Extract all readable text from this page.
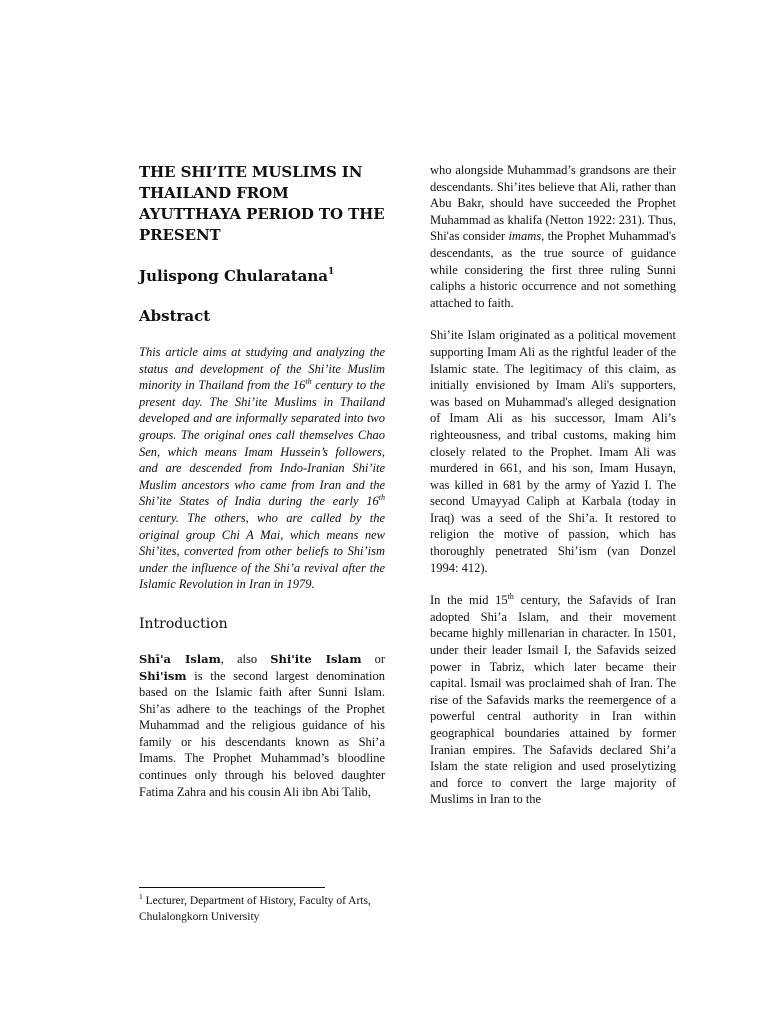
THE SHI’ITE MUSLIMS IN THAILAND FROM AYUTTHAYA PERIOD TO THE PRESENT
Julispong Chularatana$^1$
Abstract

This article aims at studying and analyzing the status and development of the Shi’ite Muslim minority in Thailand from the 16th century to the present day. The Shi’ite Muslims in Thailand developed and are informally separated into two groups. The original ones call themselves Chao Sen, which means Imam Hussein’s followers, and are descended from Indo-Iranian Shi’ite Muslim ancestors who came from Iran and the Shi’ite States of India during the early 16th century. The others, who are called by the original group Chi A Mai, which means new Shi’ites, converted from other beliefs to Shi’ism under the influence of the Shi’a revival after the Islamic Revolution in Iran in 1979.

Introduction

Shī'a Islam, also Shi'ite Islam or Shi'ism is the second largest denomination based on the Islamic faith after Sunni Islam. Shi’as adhere to the teachings of the Prophet Muhammad and the religious guidance of his family or his descendants known as Shi’a Imams. The Prophet Muhammad’s bloodline continues only through his beloved daughter Fatima Zahra and his cousin Ali ibn Abi Talib,

who alongside Muhammad’s grandsons are their descendants. Shi’ites believe that Ali, rather than Abu Bakr, should have succeeded the Prophet Muhammad as khalifa (Netton 1922: 231). Thus, Shi'as consider imams, the Prophet Muhammad's descendants, as the true source of guidance while considering the first three ruling Sunni caliphs a historic occurrence and not something attached to faith.

Shi’ite Islam originated as a political movement supporting Imam Ali as the rightful leader of the Islamic state. The legitimacy of this claim, as initially envisioned by Imam Ali's supporters, was based on Muhammad's alleged designation of Imam Ali as his successor, Imam Ali’s righteousness, and tribal customs, making him closely related to the Prophet. Imam Ali was murdered in 661, and his son, Imam Husayn, was killed in 681 by the army of Yazid I. The second Umayyad Caliph at Karbala (today in Iraq) was a seed of the Shi’a. It restored to religion the motive of passion, which has thoroughly penetrated Shi’ism (van Donzel 1994: 412).

In the mid 15th century, the Safavids of Iran adopted Shi’a Islam, and their movement became highly millenarian in character. In 1501, under their leader Ismail I, the Safavids seized power in Tabriz, which later became their capital. Ismail was proclaimed shah of Iran. The rise of the Safavids marks the reemergence of a powerful central authority in Iran within geographical boundaries attained by former Iranian empires. The Safavids declared Shi’a Islam the state religion and used proselytizing and force to convert the large majority of Muslims in Iran to the

$^1$ Lecturer, Department of History, Faculty of Arts, Chulalongkorn University
